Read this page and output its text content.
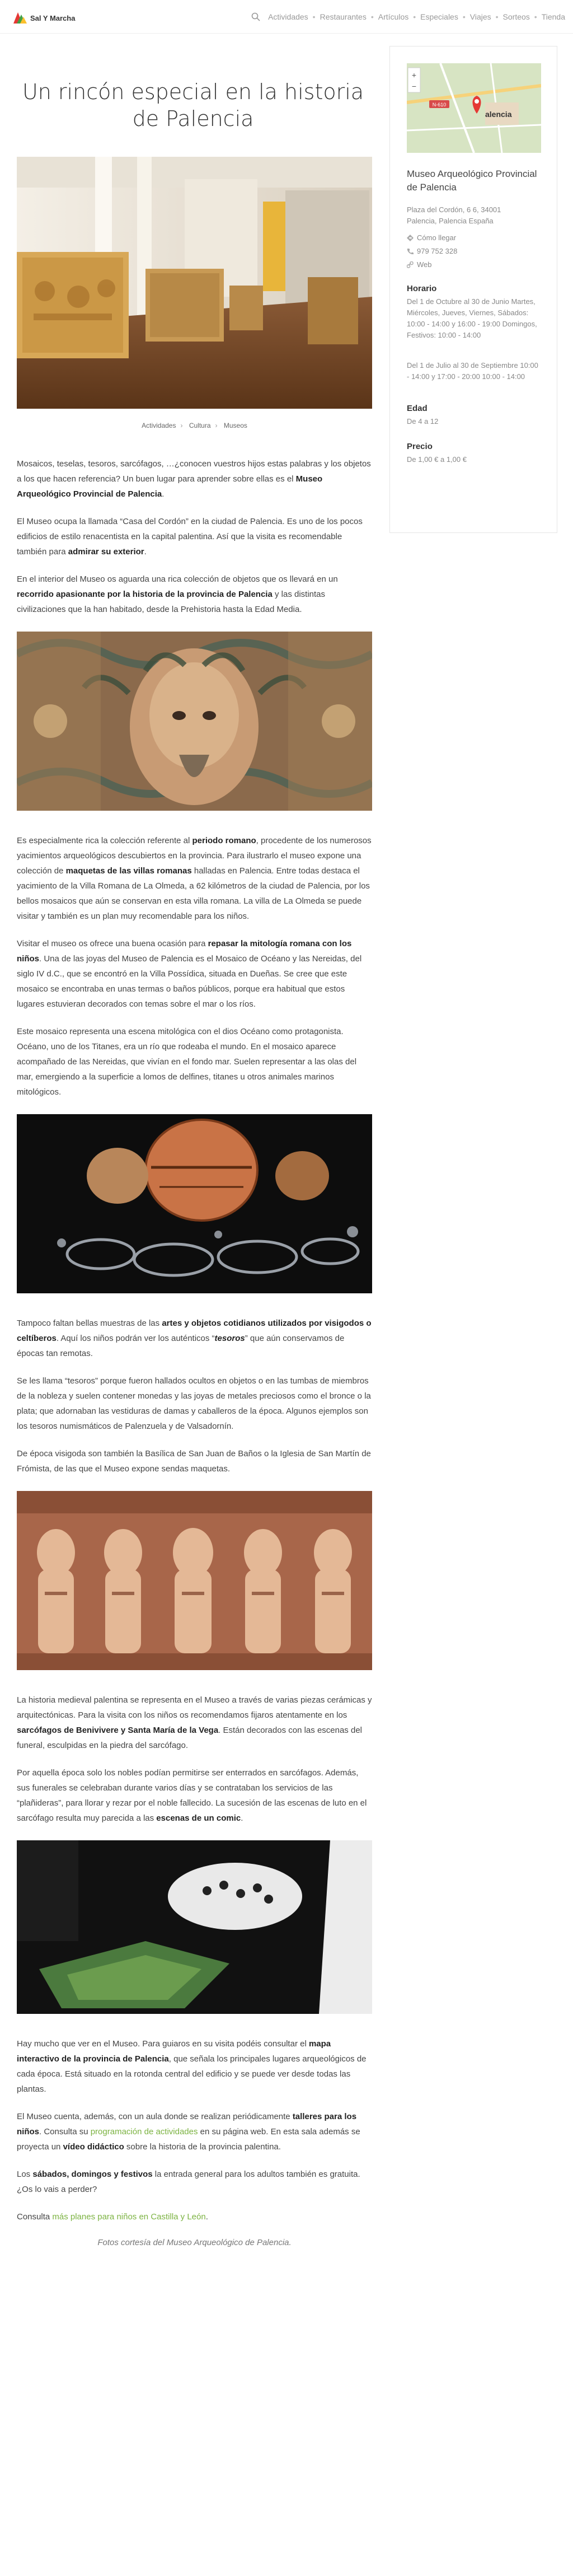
Sal Y Marcha	Actividades • Restaurantes • Artículos • Especiales • Viajes • Sorteos • Tienda
Un rincón especial en la historia
de Palencia
Actividades › Cultura › Museos

Mosaicos, teselas, tesoros, sarcófagos, …¿conocen vuestros hijos estas palabras y los objetos a los que hacen referencia? Un buen lugar para aprender sobre ellas es el Museo Arqueológico Provincial de Palencia.

El Museo ocupa la llamada “Casa del Cordón” en la ciudad de Palencia. Es uno de los pocos edificios de estilo renacentista en la capital palentina. Así que la visita es recomendable también para admirar su exterior.

En el interior del Museo os aguarda una rica colección de objetos que os llevará en un recorrido apasionante por la historia de la provincia de Palencia y las distintas civilizaciones que la han habitado, desde la Prehistoria hasta la Edad Media.

Es especialmente rica la colección referente al periodo romano, procedente de los numerosos yacimientos arqueológicos descubiertos en la provincia. Para ilustrarlo el museo expone una colección de maquetas de las villas romanas halladas en Palencia. Entre todas destaca el yacimiento de la Villa Romana de La Olmeda, a 62 kilómetros de la ciudad de Palencia, por los bellos mosaicos que aún se conservan en esta villa romana. La villa de La Olmeda se puede visitar y también es un plan muy recomendable para los niños.

Visitar el museo os ofrece una buena ocasión para repasar la mitología romana con los niños. Una de las joyas del Museo de Palencia es el Mosaico de Océano y las Nereidas, del siglo IV d.C., que se encontró en la Villa Possídica, situada en Dueñas. Se cree que este mosaico se encontraba en unas termas o baños públicos, porque era habitual que estos lugares estuvieran decorados con temas sobre el mar o los ríos.

Este mosaico representa una escena mitológica con el dios Océano como protagonista. Océano, uno de los Titanes, era un río que rodeaba el mundo. En el mosaico aparece acompañado de las Nereidas, que vivían en el fondo mar. Suelen representar a las olas del mar, emergiendo a la superficie a lomos de delfines, titanes u otros animales marinos mitológicos.

Tampoco faltan bellas muestras de las artes y objetos cotidianos utilizados por visigodos o celtíberos. Aquí los niños podrán ver los auténticos “tesoros” que aún conservamos de épocas tan remotas.

Se les llama “tesoros” porque fueron hallados ocultos en objetos o en las tumbas de miembros de la nobleza y suelen contener monedas y las joyas de metales preciosos como el bronce o la plata; que adornaban las vestiduras de damas y caballeros de la época. Algunos ejemplos son los tesoros numismáticos de Palenzuela y de Valsadornín.

De época visigoda son también la Basílica de San Juan de Baños o la Iglesia de San Martín de Frómista, de las que el Museo expone sendas maquetas.

La historia medieval palentina se representa en el Museo a través de varias piezas cerámicas y arquitectónicas. Para la visita con los niños os recomendamos fijaros atentamente en los sarcófagos de Benivivere y Santa María de la Vega. Están decorados con las escenas del funeral, esculpidas en la piedra del sarcófago.

Por aquella época solo los nobles podían permitirse ser enterrados en sarcófagos. Además, sus funerales se celebraban durante varios días y se contrataban los servicios de las “plañideras”, para llorar y rezar por el noble fallecido. La sucesión de las escenas de luto en el sarcófago resulta muy parecida a las escenas de un comic.

Hay mucho que ver en el Museo. Para guiaros en su visita podéis consultar el mapa interactivo de la provincia de Palencia, que señala los principales lugares arqueológicos de cada época. Está situado en la rotonda central del edificio y se puede ver desde todas las plantas.

El Museo cuenta, además, con un aula donde se realizan periódicamente talleres para los niños. Consulta su programación de actividades en su página web. En esta sala además se proyecta un vídeo didáctico sobre la historia de la provincia palentina.

Los sábados, domingos y festivos la entrada general para los adultos también es gratuita. ¿Os lo vais a perder?

Consulta más planes para niños en Castilla y León.

Fotos cortesía del Museo Arqueológico de Palencia.
+
−
N-610
alencia
Museo Arqueológico Provincial de Palencia
Plaza del Cordón, 6 6, 34001
Palencia, Palencia España
Cómo llegar
979 752 328
Web
Horario
Del 1 de Octubre al 30 de Junio Martes, Miércoles, Jueves, Viernes, Sábados: 10:00 - 14:00 y 16:00 - 19:00 Domingos, Festivos: 10:00 - 14:00
Del 1 de Julio al 30 de Septiembre 10:00 - 14:00 y 17:00 - 20:00 10:00 - 14:00
Edad
De 4 a 12
Precio
De 1,00 € a 1,00 €
